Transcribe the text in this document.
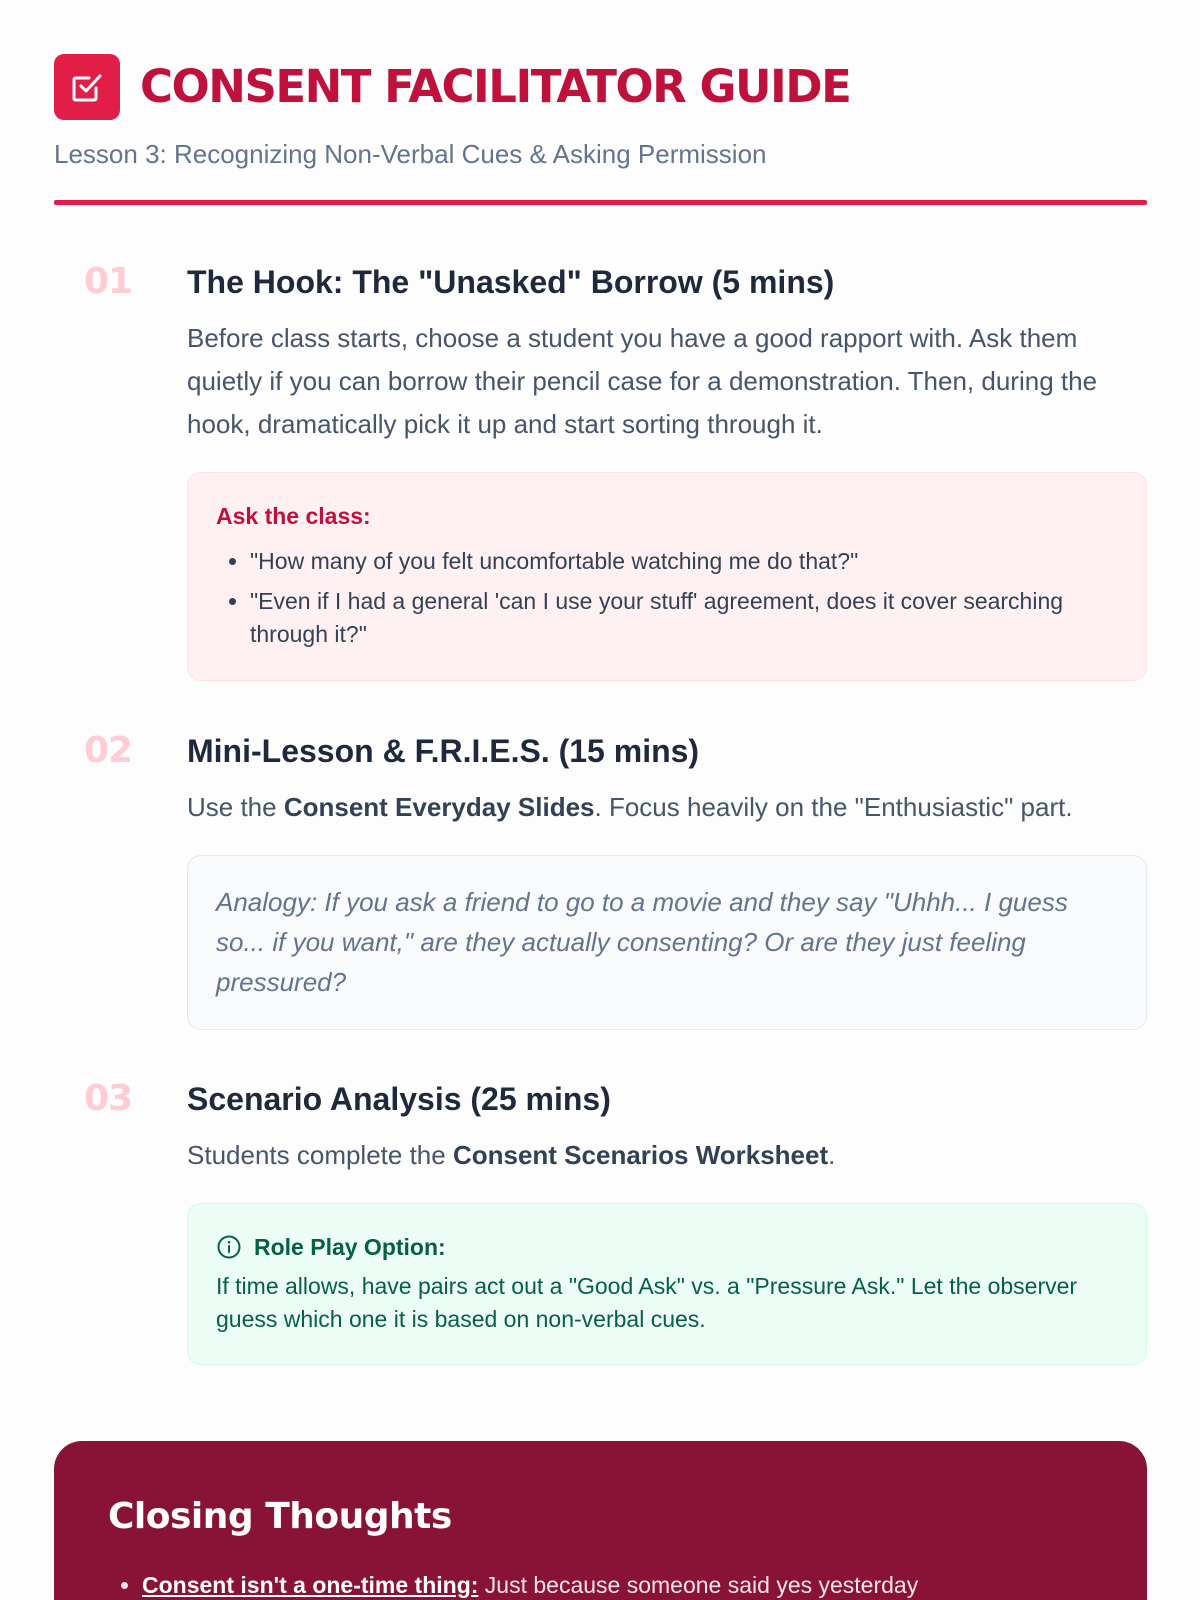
CONSENT FACILITATOR GUIDE
Lesson 3: Recognizing Non-Verbal Cues & Asking Permission
01 The Hook: The "Unasked" Borrow (5 mins)

Before class starts, choose a student you have a good rapport with. Ask them quietly if you can borrow their pencil case for a demonstration. Then, during the hook, dramatically pick it up and start sorting through it.

Ask the class:
• "How many of you felt uncomfortable watching me do that?"
• "Even if I had a general 'can I use your stuff' agreement, does it cover searching through it?"
02 Mini-Lesson & F.R.I.E.S. (15 mins)

Use the Consent Everyday Slides. Focus heavily on the "Enthusiastic" part.

Analogy: If you ask a friend to go to a movie and they say "Uhhh... I guess so... if you want," are they actually consenting? Or are they just feeling pressured?

03 Scenario Analysis (25 mins)

Students complete the Consent Scenarios Worksheet.

Role Play Option:

If time allows, have pairs act out a "Good Ask" vs. a "Pressure Ask." Let the observer guess which one it is based on non-verbal cues.

Closing Thoughts
• Consent isn't a one-time thing: Just because someone said yes yesterday
